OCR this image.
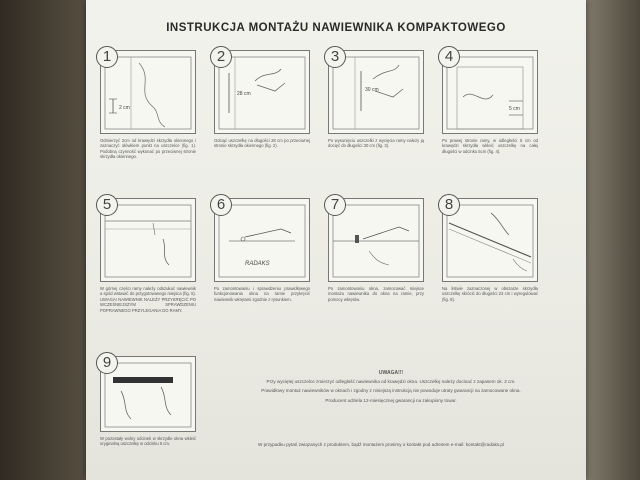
INSTRUKCJA MONTAŻU NAWIEWNIKA KOMPAKTOWEGO
1
2 cm
Odmierzyć 2cm od krawędzi skrzydła okiennego i zaznaczyć ołówkiem punkt na uszczelce (fig. 1). Podobną czynność wykonać po przeciwnej stronie skrzydła okiennego.
2
28 cm
Odciąć uszczelkę na długości 28 cm po przeciwnej stronie skrzydła okiennego (fig. 2).
3
30 cm
Po wysunięciu uszczelki z wycięcia ramy należy ją docięć do długości 30 cm (fig. 3).
4
5 cm
Po prawej stronie ramy, w odległości 5 cm od krawędzi skrzydła wkleić uszczelkę na całej długości w odcinku 5cm (fig. 4).
5
W górnej części ramy należy odszukać nawiewnik a spód wstawić do przygotowanego miejsca (fig. 5). UWAGA! NAWIEWNIK NALEŻY PRZYKRĘCIĆ PO WCZEŚNIEJSZYM SPRAWDZENIU POPRAWNEGO PRZYLEGANIA DO RAMY.
6
RADAKS
Po zamontowaniu i sprawdzeniu prawidłowego funkcjonowania okna na ramie przykręcić nawiewnik wkrętami zgodnie z rysunkiem.
7
Po zamontowaniu okna, zamocować miejsce montażu nawiewnika do okna na ramie, przy pomocy wkrętów.
8
Na listwie zaznaczonej w obszarze skrzydła uszczelkę skrócić do długości 23 cm i wyregulować (fig. 8).
9
W pozostały wolny odcinek w skrzydle okna wkleić oryginalną uszczelkę w odcinku 5 cm.

UWAGA!!!

Przy wyciętej uszczelce zmierzyć odległość nawiewnika od krawędzi okna. Uszczelkę należy docinać z zapasem ok. 2 cm.

Prawidłowy montaż nawiewników w oknach i zgodny z niniejszą instrukcją nie powoduje utraty gwarancji na zamocowane okna.

Producent udziela 12-miesięcznej gwarancji na zakupiony towar.

W przypadku pytań związanych z produktem, bądź montażem prosimy o kontakt pod adresem e-mail: kontakt@radaks.pl
